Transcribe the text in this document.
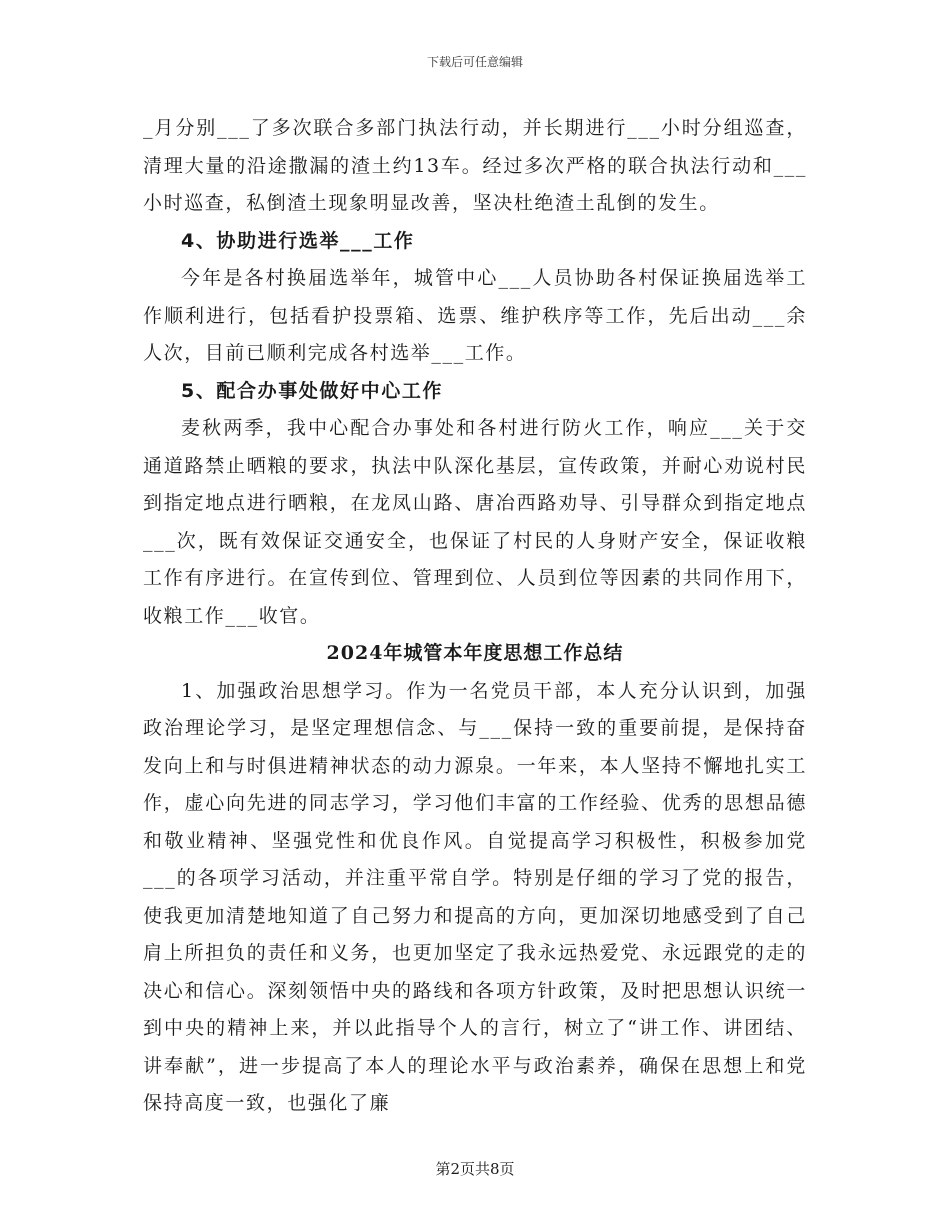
下载后可任意编辑

_月分别___了多次联合多部门执法行动，并长期进行___小时分组巡查，清理大量的沿途撒漏的渣土约13车。经过多次严格的联合执法行动和___小时巡查，私倒渣土现象明显改善，坚决杜绝渣土乱倒的发生。

4、协助进行选举___工作

今年是各村换届选举年，城管中心___人员协助各村保证换届选举工作顺利进行，包括看护投票箱、选票、维护秩序等工作，先后出动___余人次，目前已顺利完成各村选举___工作。

5、配合办事处做好中心工作

麦秋两季，我中心配合办事处和各村进行防火工作，响应___关于交通道路禁止晒粮的要求，执法中队深化基层，宣传政策，并耐心劝说村民到指定地点进行晒粮，在龙凤山路、唐冶西路劝导、引导群众到指定地点___次，既有效保证交通安全，也保证了村民的人身财产安全，保证收粮工作有序进行。在宣传到位、管理到位、人员到位等因素的共同作用下，收粮工作___收官。

2024年城管本年度思想工作总结

1、加强政治思想学习。作为一名党员干部，本人充分认识到，加强政治理论学习，是坚定理想信念、与___保持一致的重要前提，是保持奋发向上和与时俱进精神状态的动力源泉。一年来，本人坚持不懈地扎实工作，虚心向先进的同志学习，学习他们丰富的工作经验、优秀的思想品德和敬业精神、坚强党性和优良作风。自觉提高学习积极性，积极参加党___的各项学习活动，并注重平常自学。特别是仔细的学习了党的报告，使我更加清楚地知道了自己努力和提高的方向，更加深切地感受到了自己肩上所担负的责任和义务，也更加坚定了我永远热爱党、永远跟党的走的决心和信心。深刻领悟中央的路线和各项方针政策，及时把思想认识统一到中央的精神上来，并以此指导个人的言行，树立了“讲工作、讲团结、讲奉献”，进一步提高了本人的理论水平与政治素养，确保在思想上和党保持高度一致，也强化了廉

第2页共8页
